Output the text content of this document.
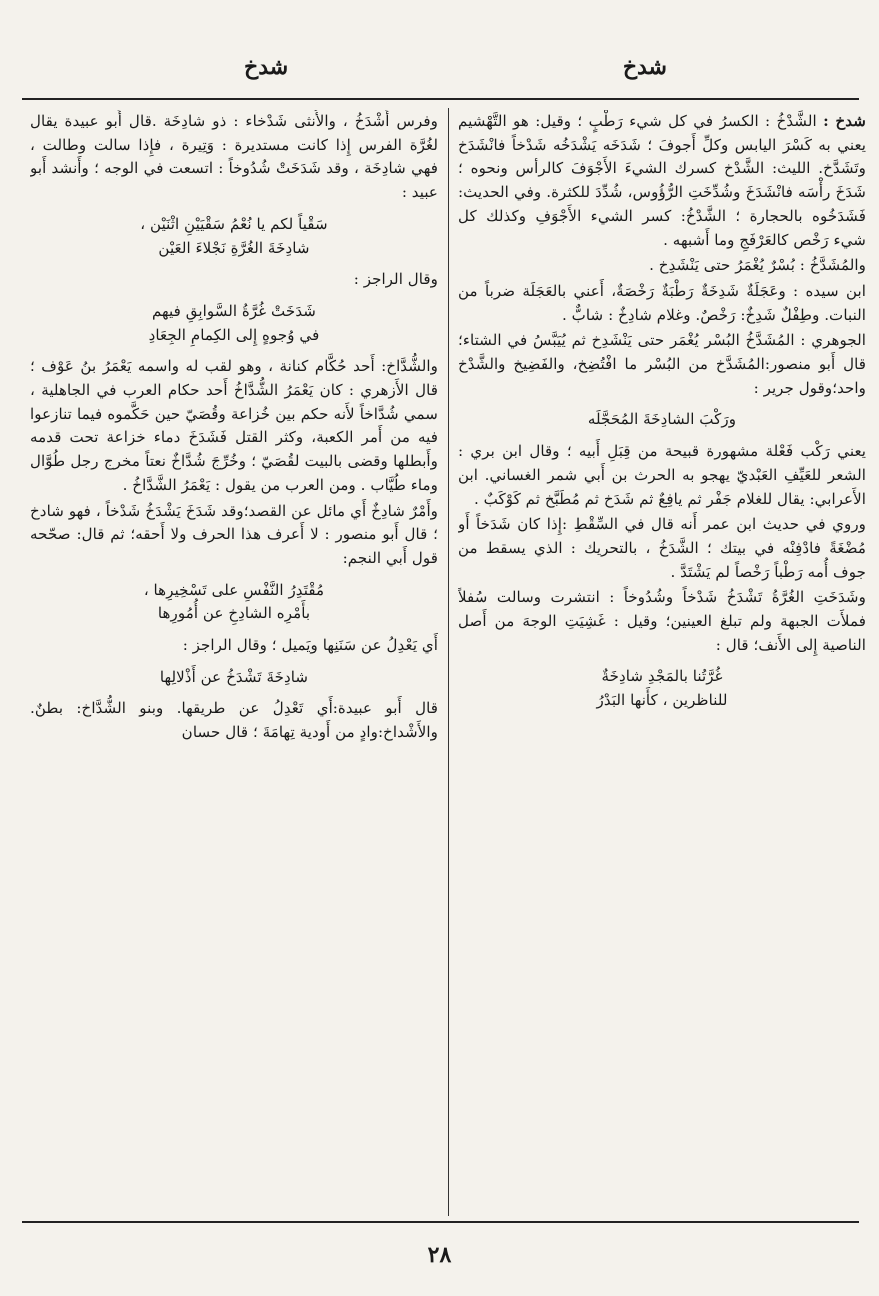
شدخ
شدخ

شدخ : الشَّدْخُ : الكسرُ في كل شيء رَطْبٍ ؛ وقيل: هو التَّهْشيم يعني به كَسْرَ اليابس وكلِّ أَجوفَ ؛ شَدَخَه يَشْدَخُه شَدْخاً فانْشَدَخ وتَشَدَّخ. الليث: الشَّدْخ كسرك الشيءَ الأَجْوَفَ كالرأس ونحوه ؛ شَدَخَ رأْسَه فانْشَدَخَ وشُدِّخَتِ الرُّؤُوس، شُدِّدَ للكثرة. وفي الحديث: فَشَدَخُوه بالحجارة ؛ الشَّدْخُ: كسر الشيء الأَجْوَفِ وكذلك كل شيء رَخْص كالعَرْفَجِ وما أَشبهه .

والمُشَدَّخُ : بُسْرٌ يُغْمَرُ حتى يَنْشَدِخ .

ابن سيده : وعَجَلَةٌ شَدِخَةٌ رَطْبَةٌ رَخْصَةٌ، أَعني بالعَجَلَة ضرباً من النبات. وطِفْلٌ شَدِخٌ: رَخْصٌ. وغلام شادِخٌ : شابٌّ .

الجوهري : المُشَدَّخُ البُسْر يُغْمَر حتى يَنْشَدِخ ثم يُيَبَّسُ في الشتاء؛قال أَبو منصور:المُشَدَّخ من البُسْر ما افْتُضِخ، والفَضِيخ والشَّدْخ واحد؛وقول جرير :

ورَكْبَ الشادِخَةَ المُحَجَّلَه

يعني رَكْب فَعْلة مشهورة قبيحة من قِبَلِ أَبيه ؛ وقال ابن بري : الشعر للعَيِّفِ العَبْديّ يهجو به الحرث بن أَبي شمر الغساني. ابن الأَعرابي: يقال للغلام جَفْر ثم يافِعٌ ثم شَدَخ ثم مُطَبَّخ ثم كَوْكَبٌ .

وروي في حديث ابن عمر أَنه قال في السِّقْطِ :إِذا كان شَدَخاً أَو مُضْغَةً فادْفِنْه في بيتك ؛ الشَّدَخُ ، بالتحريك : الذي يسقط من جوف أُمه رَطْباً رَخْصاً لم يَشْتَدَّ .

وشَدَخَتِ الغُرَّةُ تَشْدَخُ شَدْخاً وشُدُوخاً : انتشرت وسالت سُفلاً فملأَت الجبهة ولم تبلغ العينين؛ وقيل : غَشِيَتِ الوجهَ من أَصل الناصية إِلى الأَنف؛ قال :

غُرَّتُنا بالمَجْدِ شادِخَةٌ
للناظرين ، كأَنها البَدْرُ

وفرس أَشْدَخُ ، والأُنثى شَدْخاء : ذو شادِخَة .قال أَبو عبيدة يقال لغُرَّة الفرس إِذا كانت مستديرة : وَتِيرة ، فإِذا سالت وطالت ، فهي شادِخَة ، وقد شَدَخَتْ شُدُوخاً : اتسعت في الوجه ؛ وأَنشد أَبو عبيد :

سَقْياً لكم يا نُعْمُ سَقْيَيْنِ اثْنَيْن ،
شادِخَةَ الغُرَّةِ نَجْلاءَ العَيْن

وقال الراجز :

شَدَخَتْ غُرَّةُ السَّوابِقِ فيهم
في وُجوهٍ إِلى الكِمامِ الجِعَادِ

والشُّدَّاخ: أَحد حُكَّام كنانة ، وهو لقب له واسمه يَعْمَرُ بنُ عَوْف ؛ قال الأَزهري : كان يَعْمَرُ الشُّدَّاخُ أَحد حكام العرب في الجاهلية ، سمي شُدَّاخاً لأَنه حكم بين خُزاعة وقُصَيّ حين حَكَّموه فيما تنازعوا فيه من أَمر الكعبة، وكثر القتل فَشَدَخَ دماء خزاعة تحت قدمه وأَبطلها وقضى بالبيت لقُصَيّ ؛ وخُرِّجَ شُدَّاخٌ نعتاً مخرج رجل طُوَّال وماء طُيَّاب . ومن العرب من يقول : يَعْمَرُ الشَّدَّاخُ .

وأَمْرٌ شادِخٌ أَي مائل عن القصد؛وقد شَدَخَ يَشْدَخُ شَدْخاً ، فهو شادخ ؛ قال أَبو منصور : لا أَعرف هذا الحرف ولا أَحقه؛ ثم قال: صحّحه قول أَبي النجم:

مُقْتَدِرُ النَّفْسِ على تَسْخِيرِها ،
بأَمْرِه الشادِخِ عن أُمُورِها

أَي يَعْدِلُ عن سَنَنِها ويَميل ؛ وقال الراجز :

شادِخَةَ تَشْدَخُ عن أَذْلالِها

قال أَبو عبيدة:أَي تَعْدِلُ عن طريقها. وبنو الشُّدَّاخ: بطنٌ. والأَشْداخ:وادٍ من أَودية تِهامَةَ ؛ قال حسان

٢٨
